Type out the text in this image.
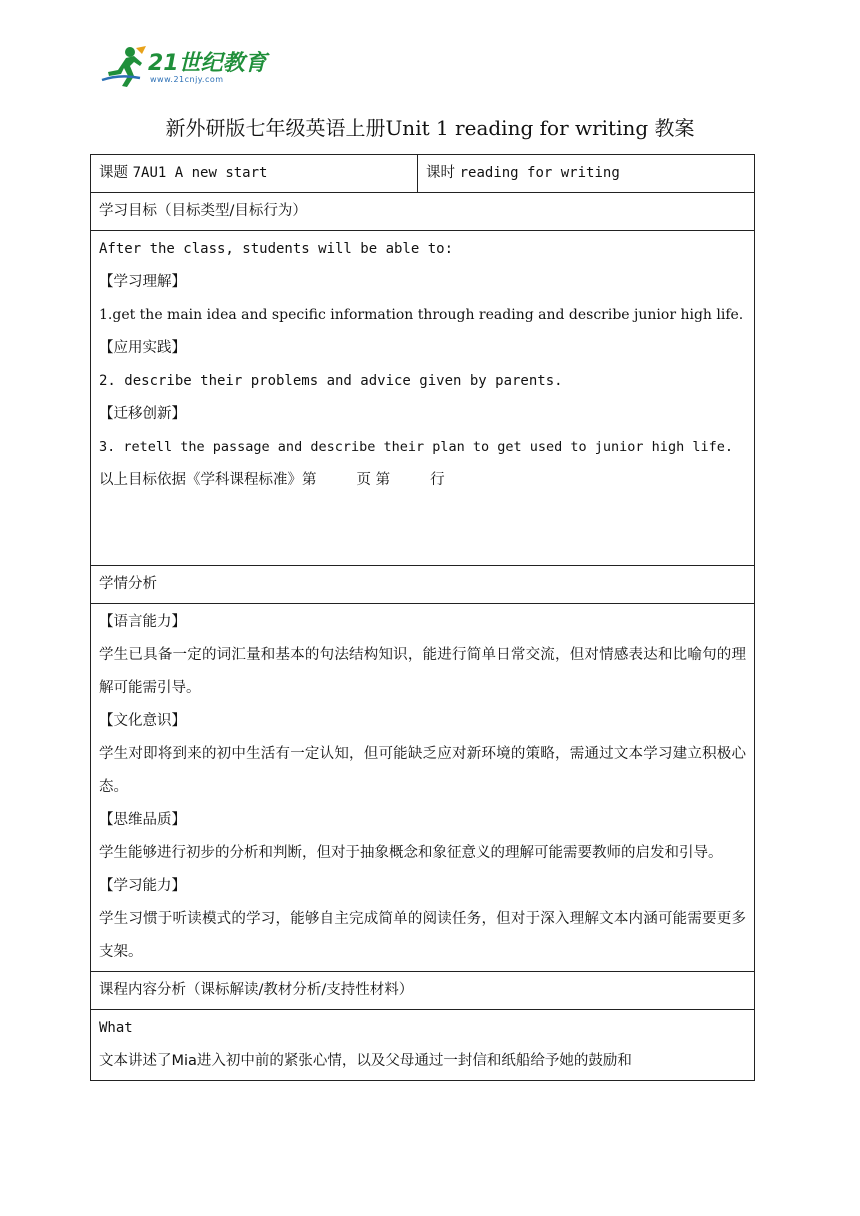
21世纪教育
www.21cnjy.com
新外研版七年级英语上册Unit 1 reading for writing 教案
课题 7AU1 A new start	课时 reading for writing
学习目标（目标类型/目标行为）

After the class, students will be able to:
【学习理解】
1.get the main idea and specific information through reading and describe junior high life.
【应用实践】
2. describe their problems and advice given by parents.
【迁移创新】
3. retell the passage and describe their plan to get used to junior high life.
以上目标依据《学科课程标准》第	页 第	行

学情分析

【语言能力】
学生已具备一定的词汇量和基本的句法结构知识，能进行简单日常交流，但对情感表达和比喻句的理解可能需引导。
【文化意识】
学生对即将到来的初中生活有一定认知，但可能缺乏应对新环境的策略，需通过文本学习建立积极心态。
【思维品质】
学生能够进行初步的分析和判断，但对于抽象概念和象征意义的理解可能需要教师的启发和引导。
【学习能力】
学生习惯于听读模式的学习，能够自主完成简单的阅读任务，但对于深入理解文本内涵可能需要更多支架。

课程内容分析（课标解读/教材分析/支持性材料）

What
文本讲述了Mia进入初中前的紧张心情，以及父母通过一封信和纸船给予她的鼓励和
